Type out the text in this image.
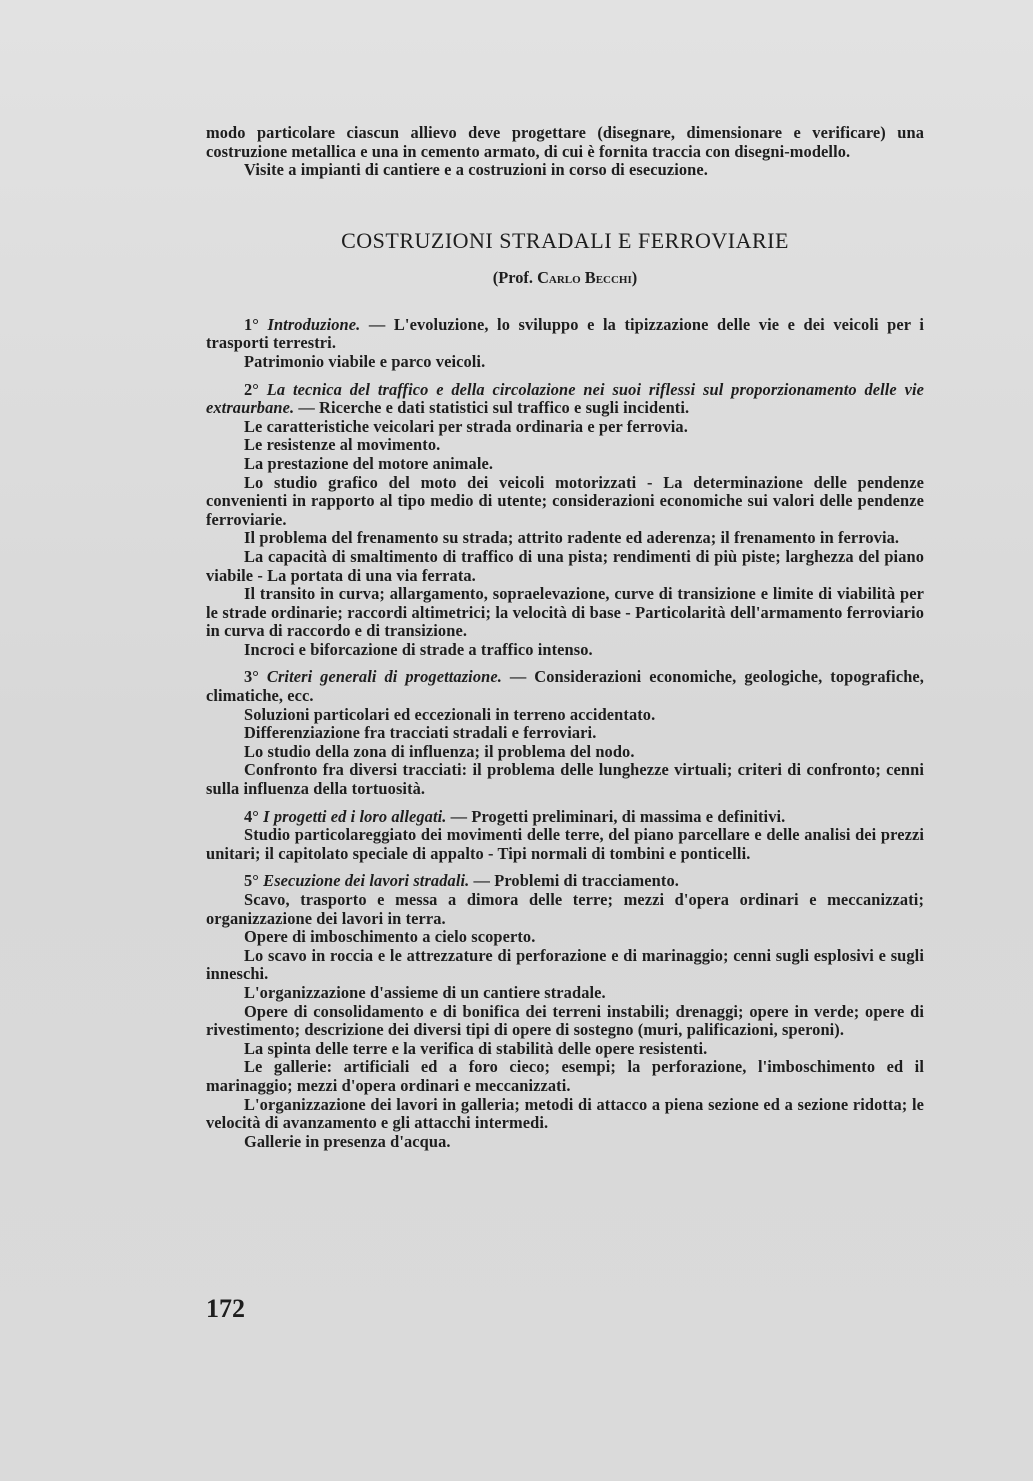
modo particolare ciascun allievo deve progettare (disegnare, dimensionare e verificare) una costruzione metallica e una in cemento armato, di cui è fornita traccia con disegni-modello.

Visite a impianti di cantiere e a costruzioni in corso di esecuzione.

COSTRUZIONI STRADALI E FERROVIARIE
(Prof. Carlo Becchi)

1° Introduzione. — L'evoluzione, lo sviluppo e la tipizzazione delle vie e dei veicoli per i trasporti terrestri.

Patrimonio viabile e parco veicoli.

2° La tecnica del traffico e della circolazione nei suoi riflessi sul proporzionamento delle vie extraurbane. — Ricerche e dati statistici sul traffico e sugli incidenti.

Le caratteristiche veicolari per strada ordinaria e per ferrovia.

Le resistenze al movimento.

La prestazione del motore animale.

Lo studio grafico del moto dei veicoli motorizzati - La determinazione delle pendenze convenienti in rapporto al tipo medio di utente; considerazioni economiche sui valori delle pendenze ferroviarie.

Il problema del frenamento su strada; attrito radente ed aderenza; il frenamento in ferrovia.

La capacità di smaltimento di traffico di una pista; rendimenti di più piste; larghezza del piano viabile - La portata di una via ferrata.

Il transito in curva; allargamento, sopraelevazione, curve di transizione e limite di viabilità per le strade ordinarie; raccordi altimetrici; la velocità di base - Particolarità dell'armamento ferroviario in curva di raccordo e di transizione.

Incroci e biforcazione di strade a traffico intenso.

3° Criteri generali di progettazione. — Considerazioni economiche, geologiche, topografiche, climatiche, ecc.

Soluzioni particolari ed eccezionali in terreno accidentato.

Differenziazione fra tracciati stradali e ferroviari.

Lo studio della zona di influenza; il problema del nodo.

Confronto fra diversi tracciati: il problema delle lunghezze virtuali; criteri di confronto; cenni sulla influenza della tortuosità.

4° I progetti ed i loro allegati. — Progetti preliminari, di massima e definitivi.

Studio particolareggiato dei movimenti delle terre, del piano parcellare e delle analisi dei prezzi unitari; il capitolato speciale di appalto - Tipi normali di tombini e ponticelli.

5° Esecuzione dei lavori stradali. — Problemi di tracciamento.

Scavo, trasporto e messa a dimora delle terre; mezzi d'opera ordinari e meccanizzati; organizzazione dei lavori in terra.

Opere di imboschimento a cielo scoperto.

Lo scavo in roccia e le attrezzature di perforazione e di marinaggio; cenni sugli esplosivi e sugli inneschi.

L'organizzazione d'assieme di un cantiere stradale.

Opere di consolidamento e di bonifica dei terreni instabili; drenaggi; opere in verde; opere di rivestimento; descrizione dei diversi tipi di opere di sostegno (muri, palificazioni, speroni).

La spinta delle terre e la verifica di stabilità delle opere resistenti.

Le gallerie: artificiali ed a foro cieco; esempi; la perforazione, l'imboschimento ed il marinaggio; mezzi d'opera ordinari e meccanizzati.

L'organizzazione dei lavori in galleria; metodi di attacco a piena sezione ed a sezione ridotta; le velocità di avanzamento e gli attacchi intermedi.

Gallerie in presenza d'acqua.

172
